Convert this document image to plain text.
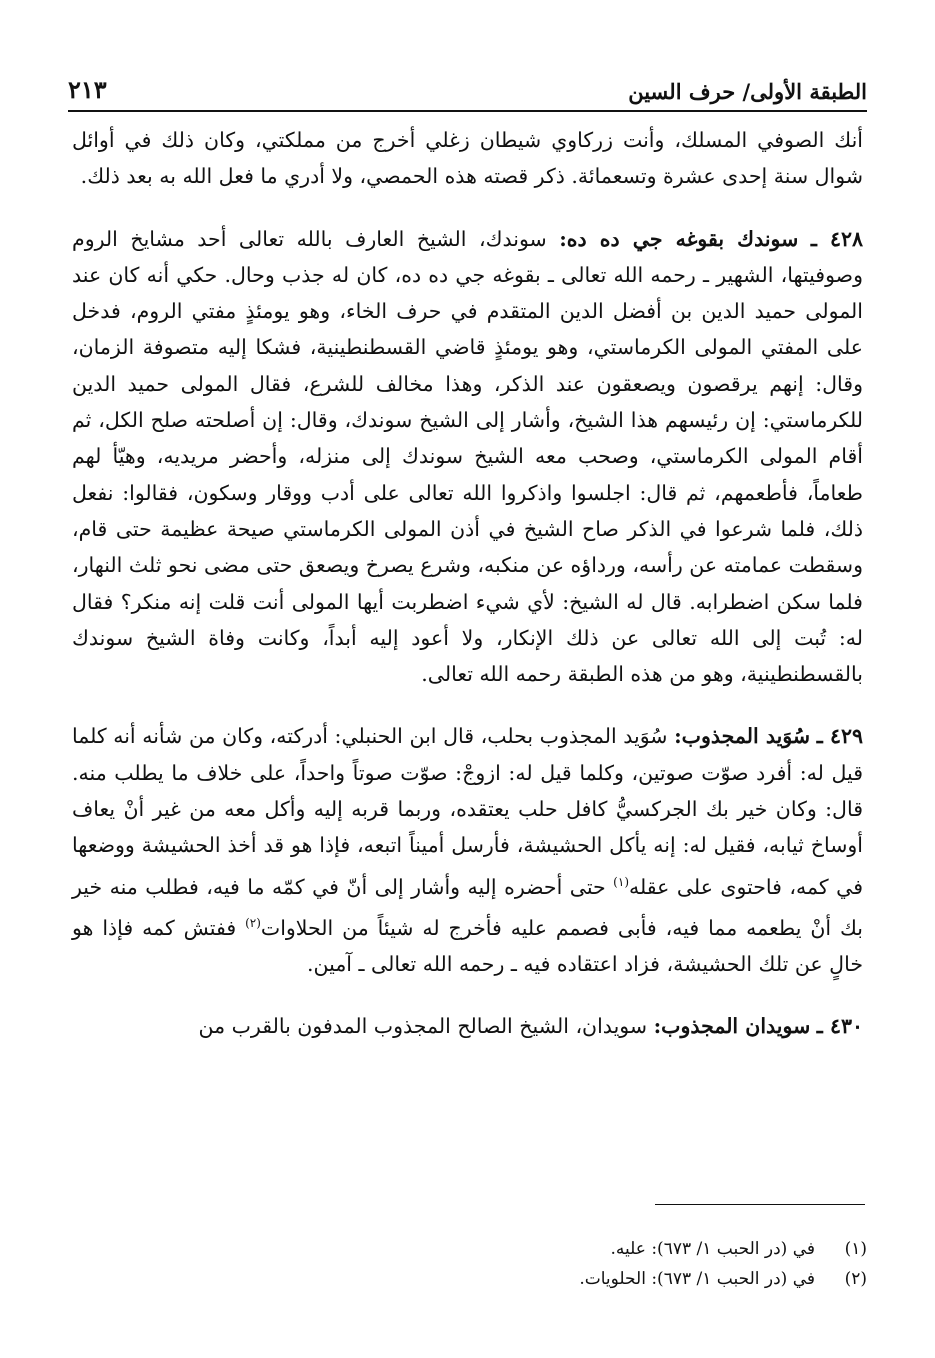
الطبقة الأولى/ حرف السين
٢١٣

أنك الصوفي المسلك، وأنت زركاوي شيطان زغلي أخرج من مملكتي، وكان ذلك في أوائل شوال سنة إحدى عشرة وتسعمائة. ذكر قصته هذه الحمصي، ولا أدري ما فعل الله به بعد ذلك.

٤٢٨ ـ سوندك بقوغه جي ده ده: سوندك، الشيخ العارف بالله تعالى أحد مشايخ الروم وصوفيتها، الشهير ـ رحمه الله تعالى ـ بقوغه جي ده ده، كان له جذب وحال. حكي أنه كان عند المولى حميد الدين بن أفضل الدين المتقدم في حرف الخاء، وهو يومئذٍ مفتي الروم، فدخل على المفتي المولى الكرماستي، وهو يومئذٍ قاضي القسطنطينية، فشكا إليه متصوفة الزمان، وقال: إنهم يرقصون ويصعقون عند الذكر، وهذا مخالف للشرع، فقال المولى حميد الدين للكرماستي: إن رئيسهم هذا الشيخ، وأشار إلى الشيخ سوندك، وقال: إن أصلحته صلح الكل، ثم أقام المولى الكرماستي، وصحب معه الشيخ سوندك إلى منزله، وأحضر مريديه، وهيّأ لهم طعاماً، فأطعمهم، ثم قال: اجلسوا واذكروا الله تعالى على أدب ووقار وسكون، فقالوا: نفعل ذلك، فلما شرعوا في الذكر صاح الشيخ في أذن المولى الكرماستي صيحة عظيمة حتى قام، وسقطت عمامته عن رأسه، ورداؤه عن منكبه، وشرع يصرخ ويصعق حتى مضى نحو ثلث النهار، فلما سكن اضطرابه. قال له الشيخ: لأي شيء اضطربت أيها المولى أنت قلت إنه منكر؟ فقال له: تُبت إلى الله تعالى عن ذلك الإنكار، ولا أعود إليه أبداً، وكانت وفاة الشيخ سوندك بالقسطنطينية، وهو من هذه الطبقة رحمه الله تعالى.

٤٢٩ ـ سُوَيد المجذوب: سُوَيد المجذوب بحلب، قال ابن الحنبلي: أدركته، وكان من شأنه أنه كلما قيل له: أفرد صوّت صوتين، وكلما قيل له: ازوجْ: صوّت صوتاً واحداً، على خلاف ما يطلب منه. قال: وكان خير بك الجركسيُّ كافل حلب يعتقده، وربما قربه إليه وأكل معه من غير أنْ يعاف أوساخ ثيابه، فقيل له: إنه يأكل الحشيشة، فأرسل أميناً اتبعه، فإذا هو قد أخذ الحشيشة ووضعها في كمه، فاحتوى على عقله$^{(١)}$ حتى أحضره إليه وأشار إلى أنّ في كمّه ما فيه، فطلب منه خير بك أنْ يطعمه مما فيه، فأبى فصمم عليه فأخرج له شيئاً من الحلاوات$^{(٢)}$ ففتش كمه فإذا هو خالٍ عن تلك الحشيشة، فزاد اعتقاده فيه ـ رحمه الله تعالى ـ آمين.

٤٣٠ ـ سويدان المجذوب: سويدان، الشيخ الصالح المجذوب المدفون بالقرب من

(١)
في (در الحبب ١/ ٦٧٣): عليه.
(٢)
في (در الحبب ١/ ٦٧٣): الحلويات.
